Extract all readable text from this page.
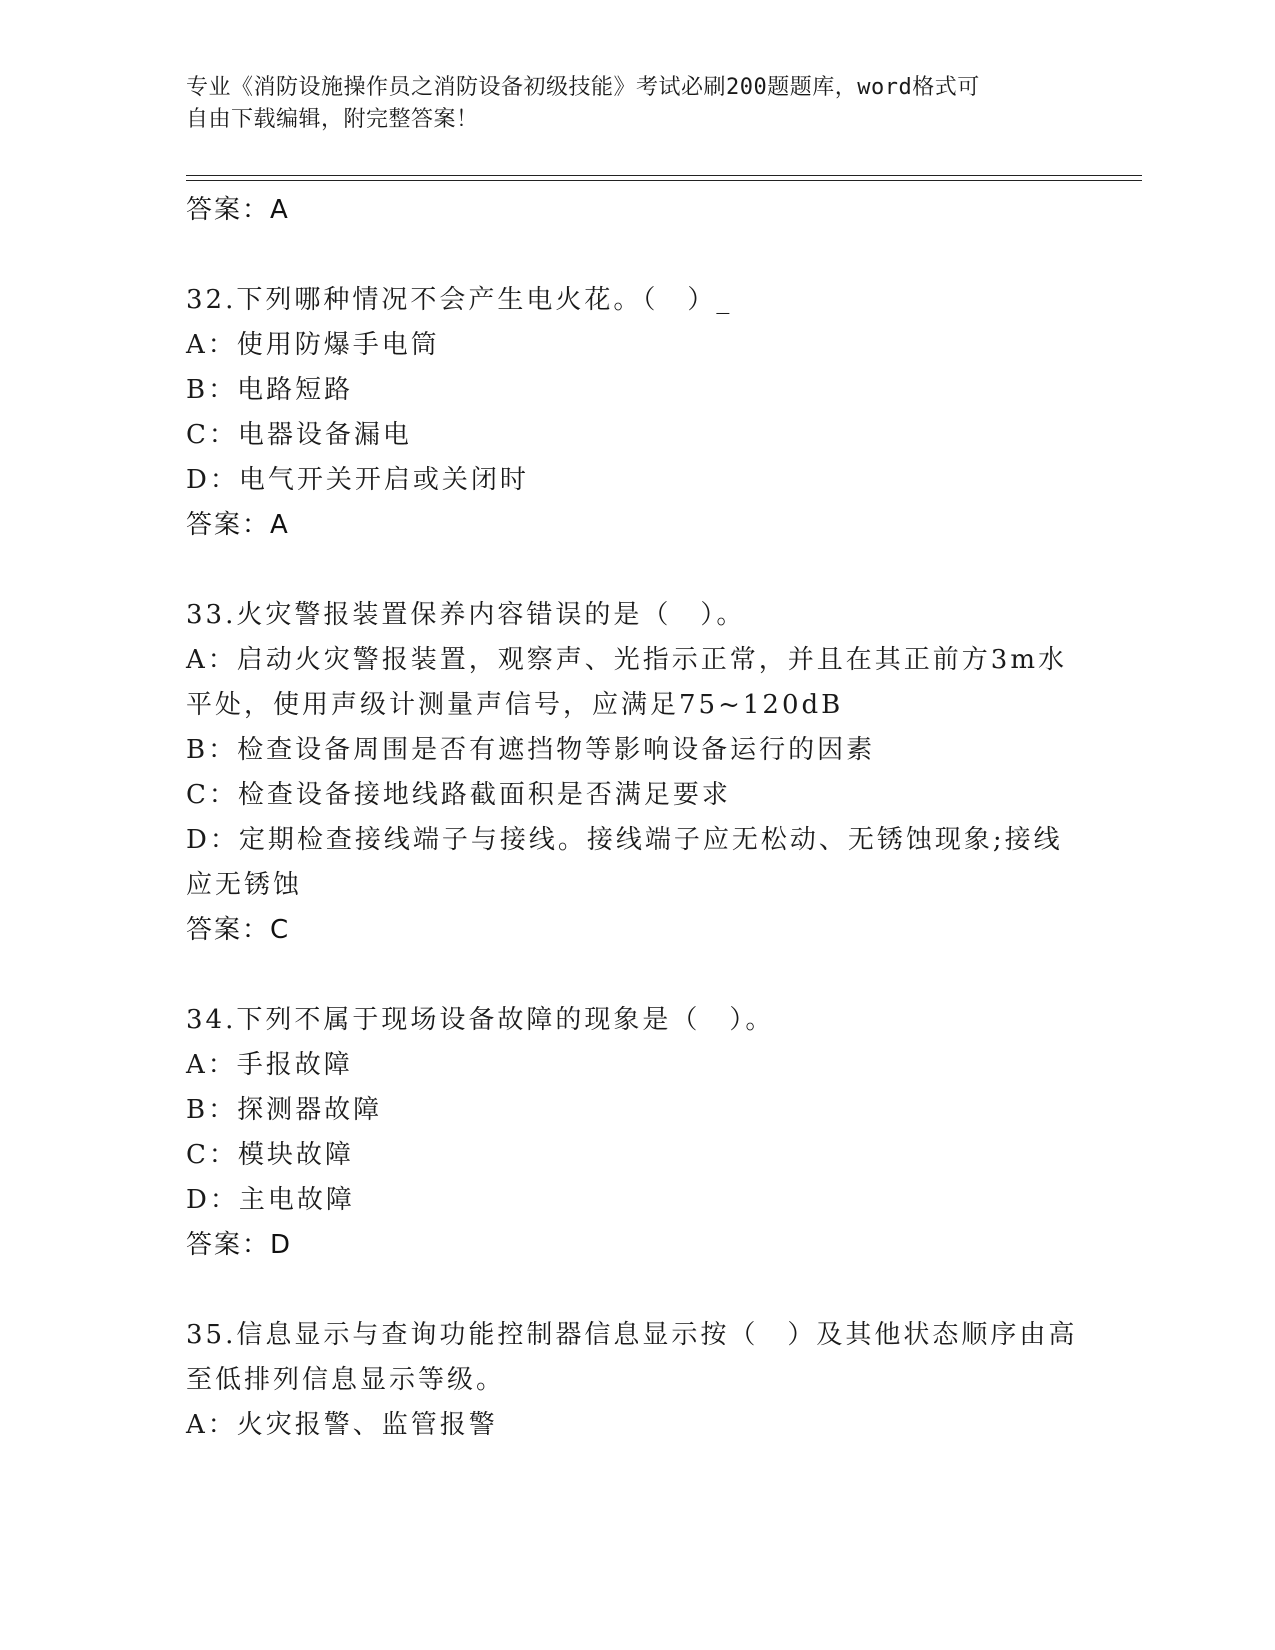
专业《消防设施操作员之消防设备初级技能》考试必刷200题题库，word格式可
自由下载编辑，附完整答案！
答案：A
32.下列哪种情况不会产生电火花。（　）_
A：使用防爆手电筒
B：电路短路
C：电器设备漏电
D：电气开关开启或关闭时
答案：A
33.火灾警报装置保养内容错误的是（　）。
A：启动火灾警报装置，观察声、光指示正常，并且在其正前方3m水
平处，使用声级计测量声信号，应满足75~120dB
B：检查设备周围是否有遮挡物等影响设备运行的因素
C：检查设备接地线路截面积是否满足要求
D：定期检查接线端子与接线。接线端子应无松动、无锈蚀现象;接线
应无锈蚀
答案：C
34.下列不属于现场设备故障的现象是（　）。
A：手报故障
B：探测器故障
C：模块故障
D：主电故障
答案：D
35.信息显示与查询功能控制器信息显示按（　）及其他状态顺序由高
至低排列信息显示等级。
A：火灾报警、监管报警
